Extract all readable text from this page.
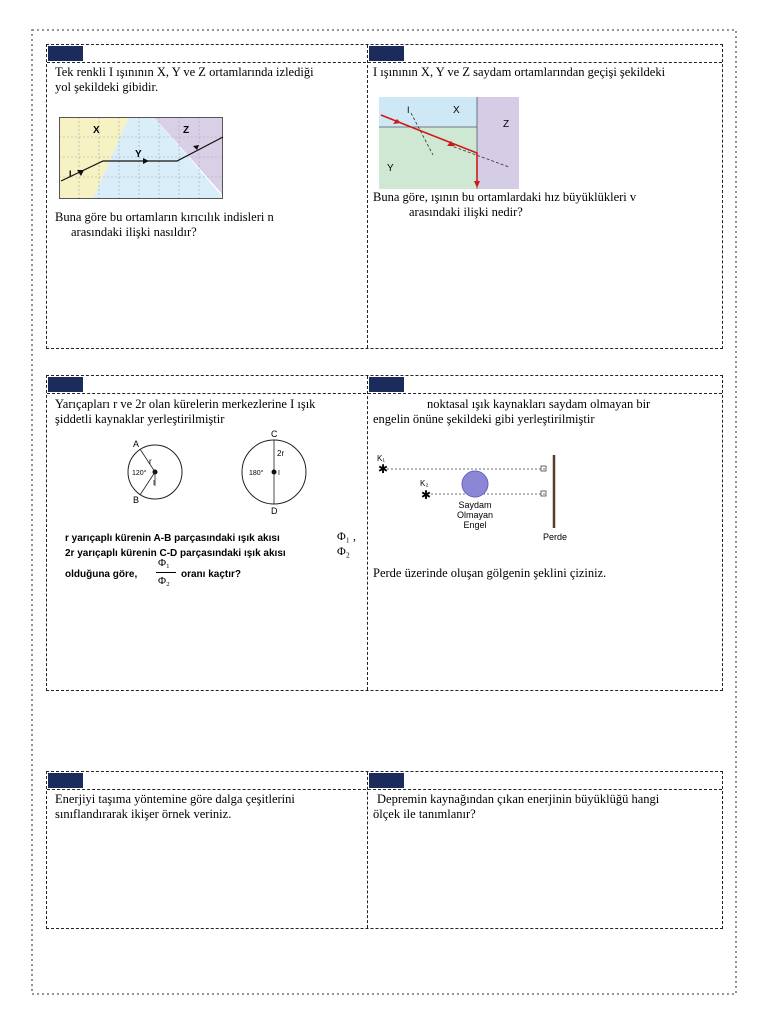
Tek renkli I ışınının X, Y ve Z ortamlarında izlediği
yol şekildeki gibidir.
X
Y
Z
I
Buna göre bu ortamların kırıcılık indisleri n
arasındaki ilişki nasıldır?
I ışınının X, Y ve Z saydam ortamlarından geçişi şekildeki
I	X
Y
Z
Buna göre, ışının bu ortamlardaki hız büyüklükleri v
arasındaki ilişki nedir?
Yarıçapları r ve 2r olan kürelerin merkezlerine I ışık
şiddetli kaynaklar yerleştirilmiştir
A
B
r
120°
I
C
D
2r
180° I
r yarıçaplı kürenin A-B parçasındaki ışık akısı	Φ₁ ,
2r yarıçaplı kürenin C-D parçasındaki ışık akısı	Φ₂
olduğuna göre,
Φ₁
Φ₂
oranı kaçtır?
noktasal ışık kaynakları saydam olmayan bir
engelin önüne şekildeki gibi yerleştirilmiştir
✱
✱
K₁
K₂
Saydam
Olmayan
Engel
Perde
Perde üzerinde oluşan gölgenin şeklini çiziniz.
Enerjiyi taşıma yöntemine göre dalga çeşitlerini
sınıflandırarak ikişer örnek veriniz.
Depremin kaynağından çıkan enerjinin büyüklüğü hangi
ölçek ile tanımlanır?
